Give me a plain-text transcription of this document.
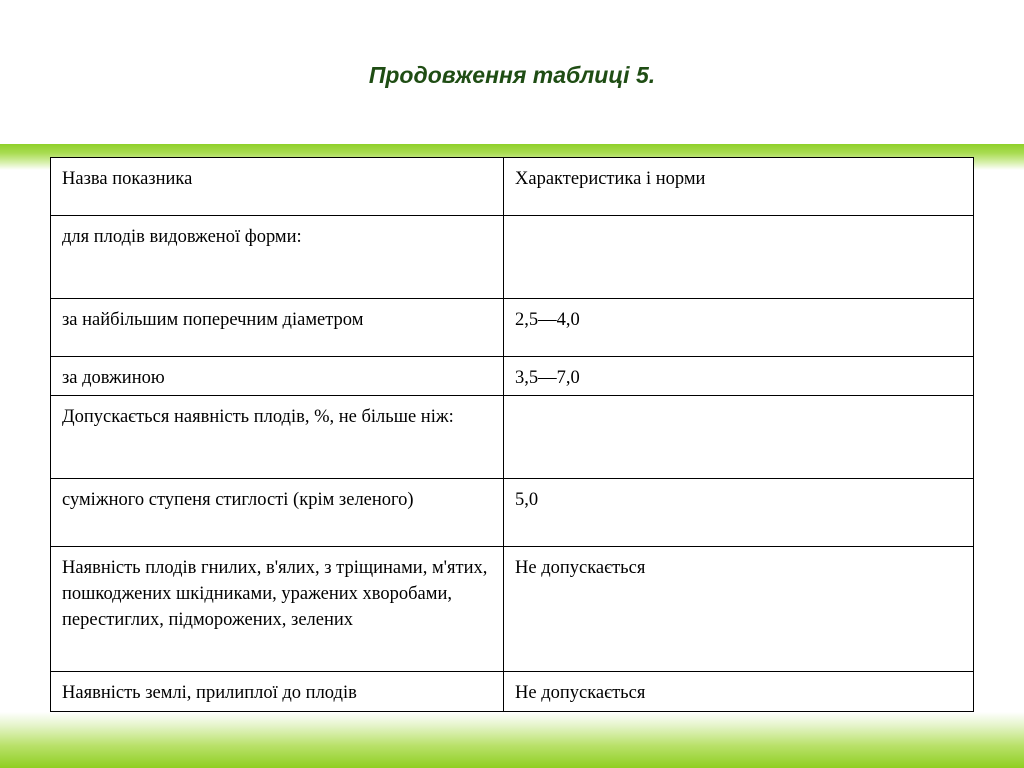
Продовження таблиці 5.
Назва показника	Характеристика і норми
для плодів видовженої форми:	
за найбільшим поперечним діаметром	2,5—4,0
за довжиною	3,5—7,0
Допускається наявність плодів, %, не більше ніж:	
суміжного ступеня стиглості (крім зеленого)	5,0
Наявність плодів гнилих, в'ялих, з тріщинами, м'ятих, пошкоджених шкідниками, уражених хворобами, перестиглих, підморожених, зелених	Не допускається
Наявність землі, прилиплої до плодів	Не допускається
